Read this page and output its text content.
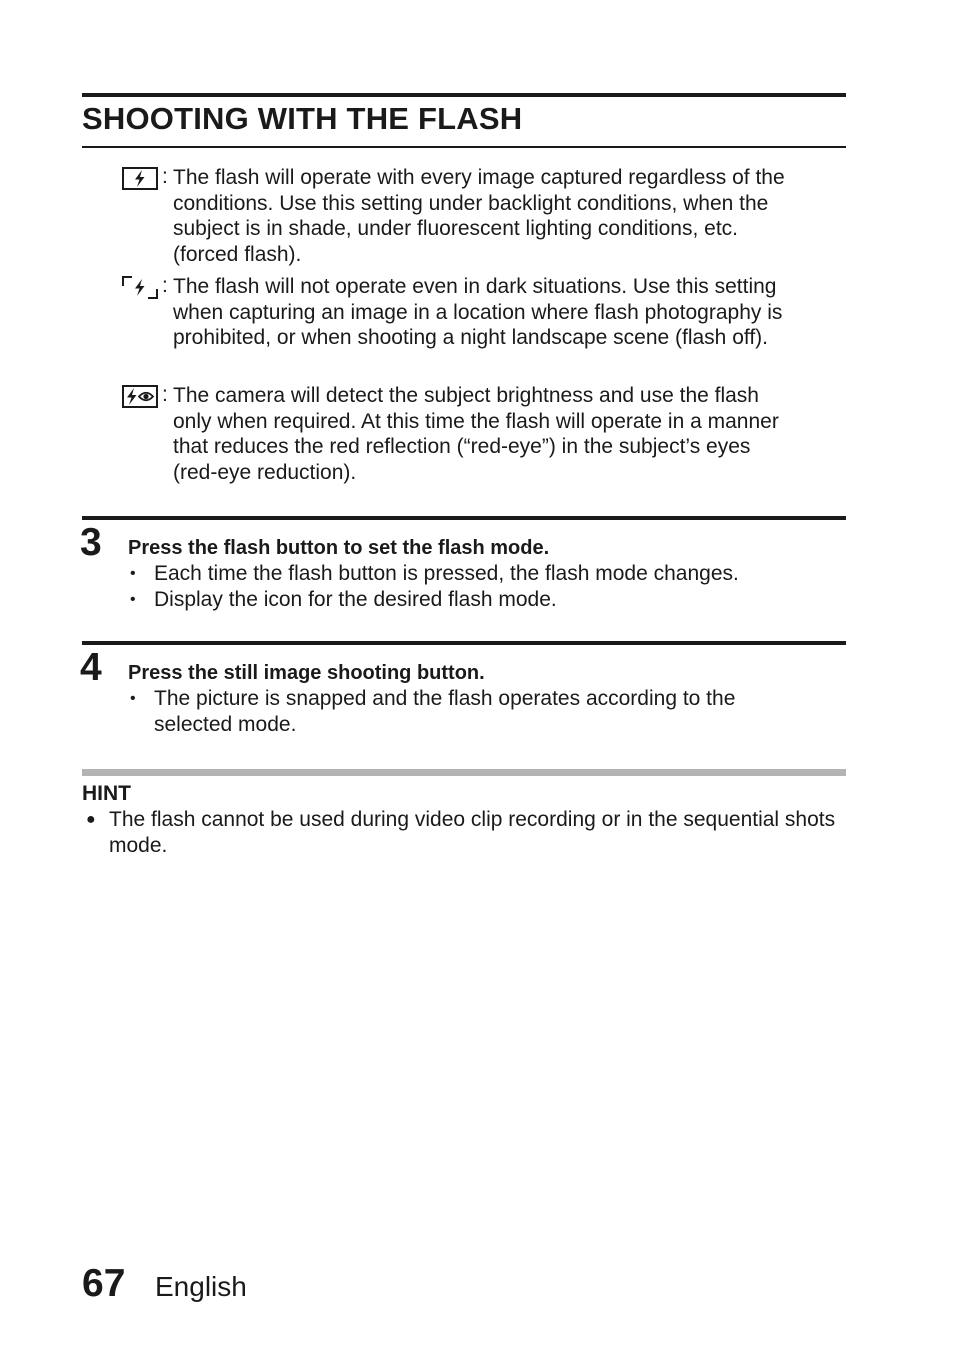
SHOOTING WITH THE FLASH
: The flash will operate with every image captured regardless of the conditions. Use this setting under backlight conditions, when the subject is in shade, under fluorescent lighting conditions, etc. (forced flash).
: The flash will not operate even in dark situations. Use this setting when capturing an image in a location where flash photography is prohibited, or when shooting a night landscape scene (flash off).
: The camera will detect the subject brightness and use the flash only when required. At this time the flash will operate in a manner that reduces the red reflection (“red-eye”) in the subject’s eyes (red-eye reduction).
3 Press the flash button to set the flash mode.
• Each time the flash button is pressed, the flash mode changes.
• Display the icon for the desired flash mode.
4 Press the still image shooting button.
• The picture is snapped and the flash operates according to the selected mode.
HINT
● The flash cannot be used during video clip recording or in the sequential shots mode.
67 English
